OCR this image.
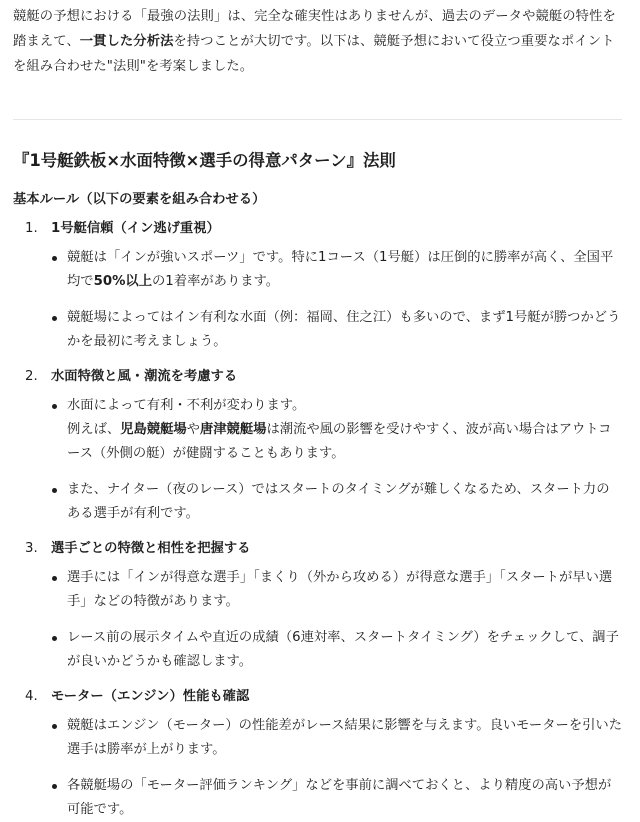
競艇の予想における「最強の法則」は、完全な確実性はありませんが、過去のデータや競艇の特性を踏まえて、一貫した分析法を持つことが大切です。以下は、競艇予想において役立つ重要なポイントを組み合わせた"法則"を考案しました。

『1号艇鉄板×水面特徴×選手の得意パターン』法則

基本ルール（以下の要素を組み合わせる）

1.	1号艇信頼（イン逃げ重視）

競艇は「インが強いスポーツ」です。特に1コース（1号艇）は圧倒的に勝率が高く、全国平均で50%以上の1着率があります。

競艇場によってはイン有利な水面（例：福岡、住之江）も多いので、まず1号艇が勝つかどうかを最初に考えましょう。

2.	水面特徴と風・潮流を考慮する

水面によって有利・不利が変わります。
例えば、児島競艇場や唐津競艇場は潮流や風の影響を受けやすく、波が高い場合はアウトコース（外側の艇）が健闘することもあります。

また、ナイター（夜のレース）ではスタートのタイミングが難しくなるため、スタート力のある選手が有利です。

3.	選手ごとの特徴と相性を把握する

選手には「インが得意な選手」「まくり（外から攻める）が得意な選手」「スタートが早い選手」などの特徴があります。

レース前の展示タイムや直近の成績（6連対率、スタートタイミング）をチェックして、調子が良いかどうかも確認します。

4.	モーター（エンジン）性能も確認

競艇はエンジン（モーター）の性能差がレース結果に影響を与えます。良いモーターを引いた選手は勝率が上がります。

各競艇場の「モーター評価ランキング」などを事前に調べておくと、より精度の高い予想が可能です。
